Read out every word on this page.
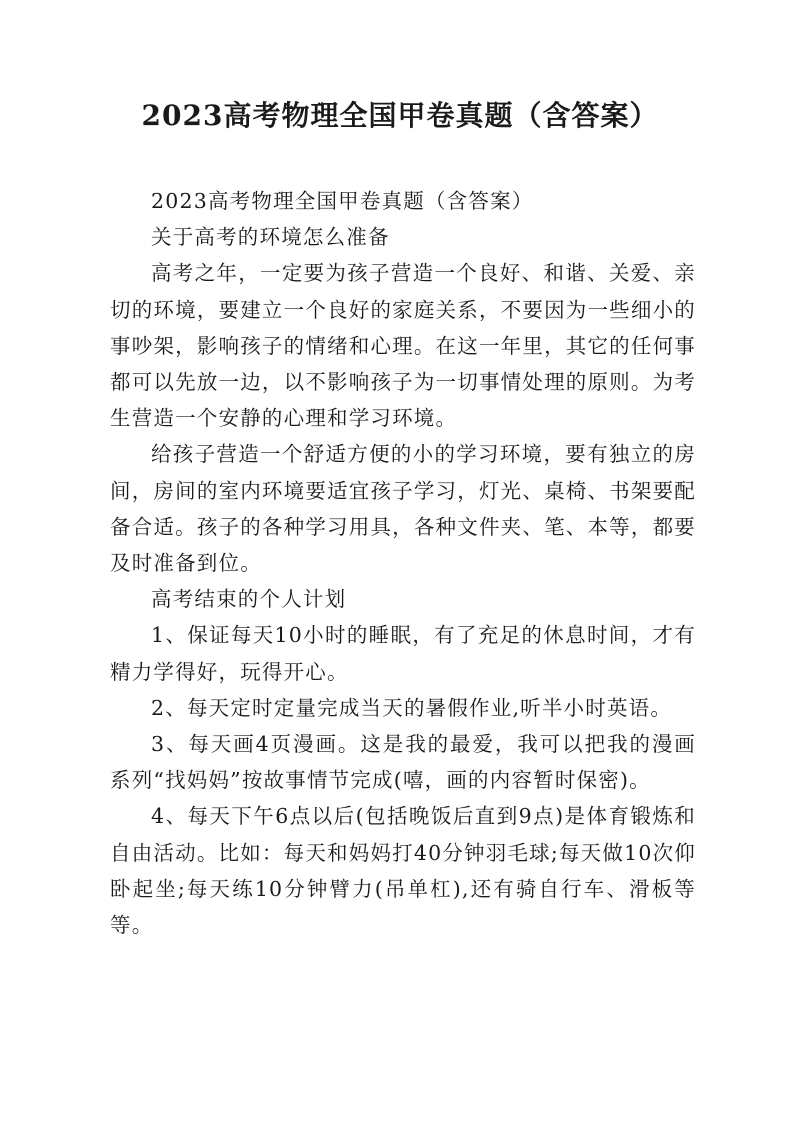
2023高考物理全国甲卷真题（含答案）

2023高考物理全国甲卷真题（含答案）

关于高考的环境怎么准备

高考之年，一定要为孩子营造一个良好、和谐、关爱、亲切的环境，要建立一个良好的家庭关系，不要因为一些细小的事吵架，影响孩子的情绪和心理。在这一年里，其它的任何事都可以先放一边，以不影响孩子为一切事情处理的原则。为考生营造一个安静的心理和学习环境。

给孩子营造一个舒适方便的小的学习环境，要有独立的房间，房间的室内环境要适宜孩子学习，灯光、桌椅、书架要配备合适。孩子的各种学习用具，各种文件夹、笔、本等，都要及时准备到位。

高考结束的个人计划

1、保证每天10小时的睡眠，有了充足的休息时间，才有精力学得好，玩得开心。

2、每天定时定量完成当天的暑假作业,听半小时英语。

3、每天画4页漫画。这是我的最爱，我可以把我的漫画系列“找妈妈”按故事情节完成(嘻，画的内容暂时保密)。

4、每天下午6点以后(包括晚饭后直到9点)是体育锻炼和自由活动。比如：每天和妈妈打40分钟羽毛球;每天做10次仰卧起坐;每天练10分钟臂力(吊单杠),还有骑自行车、滑板等等。
